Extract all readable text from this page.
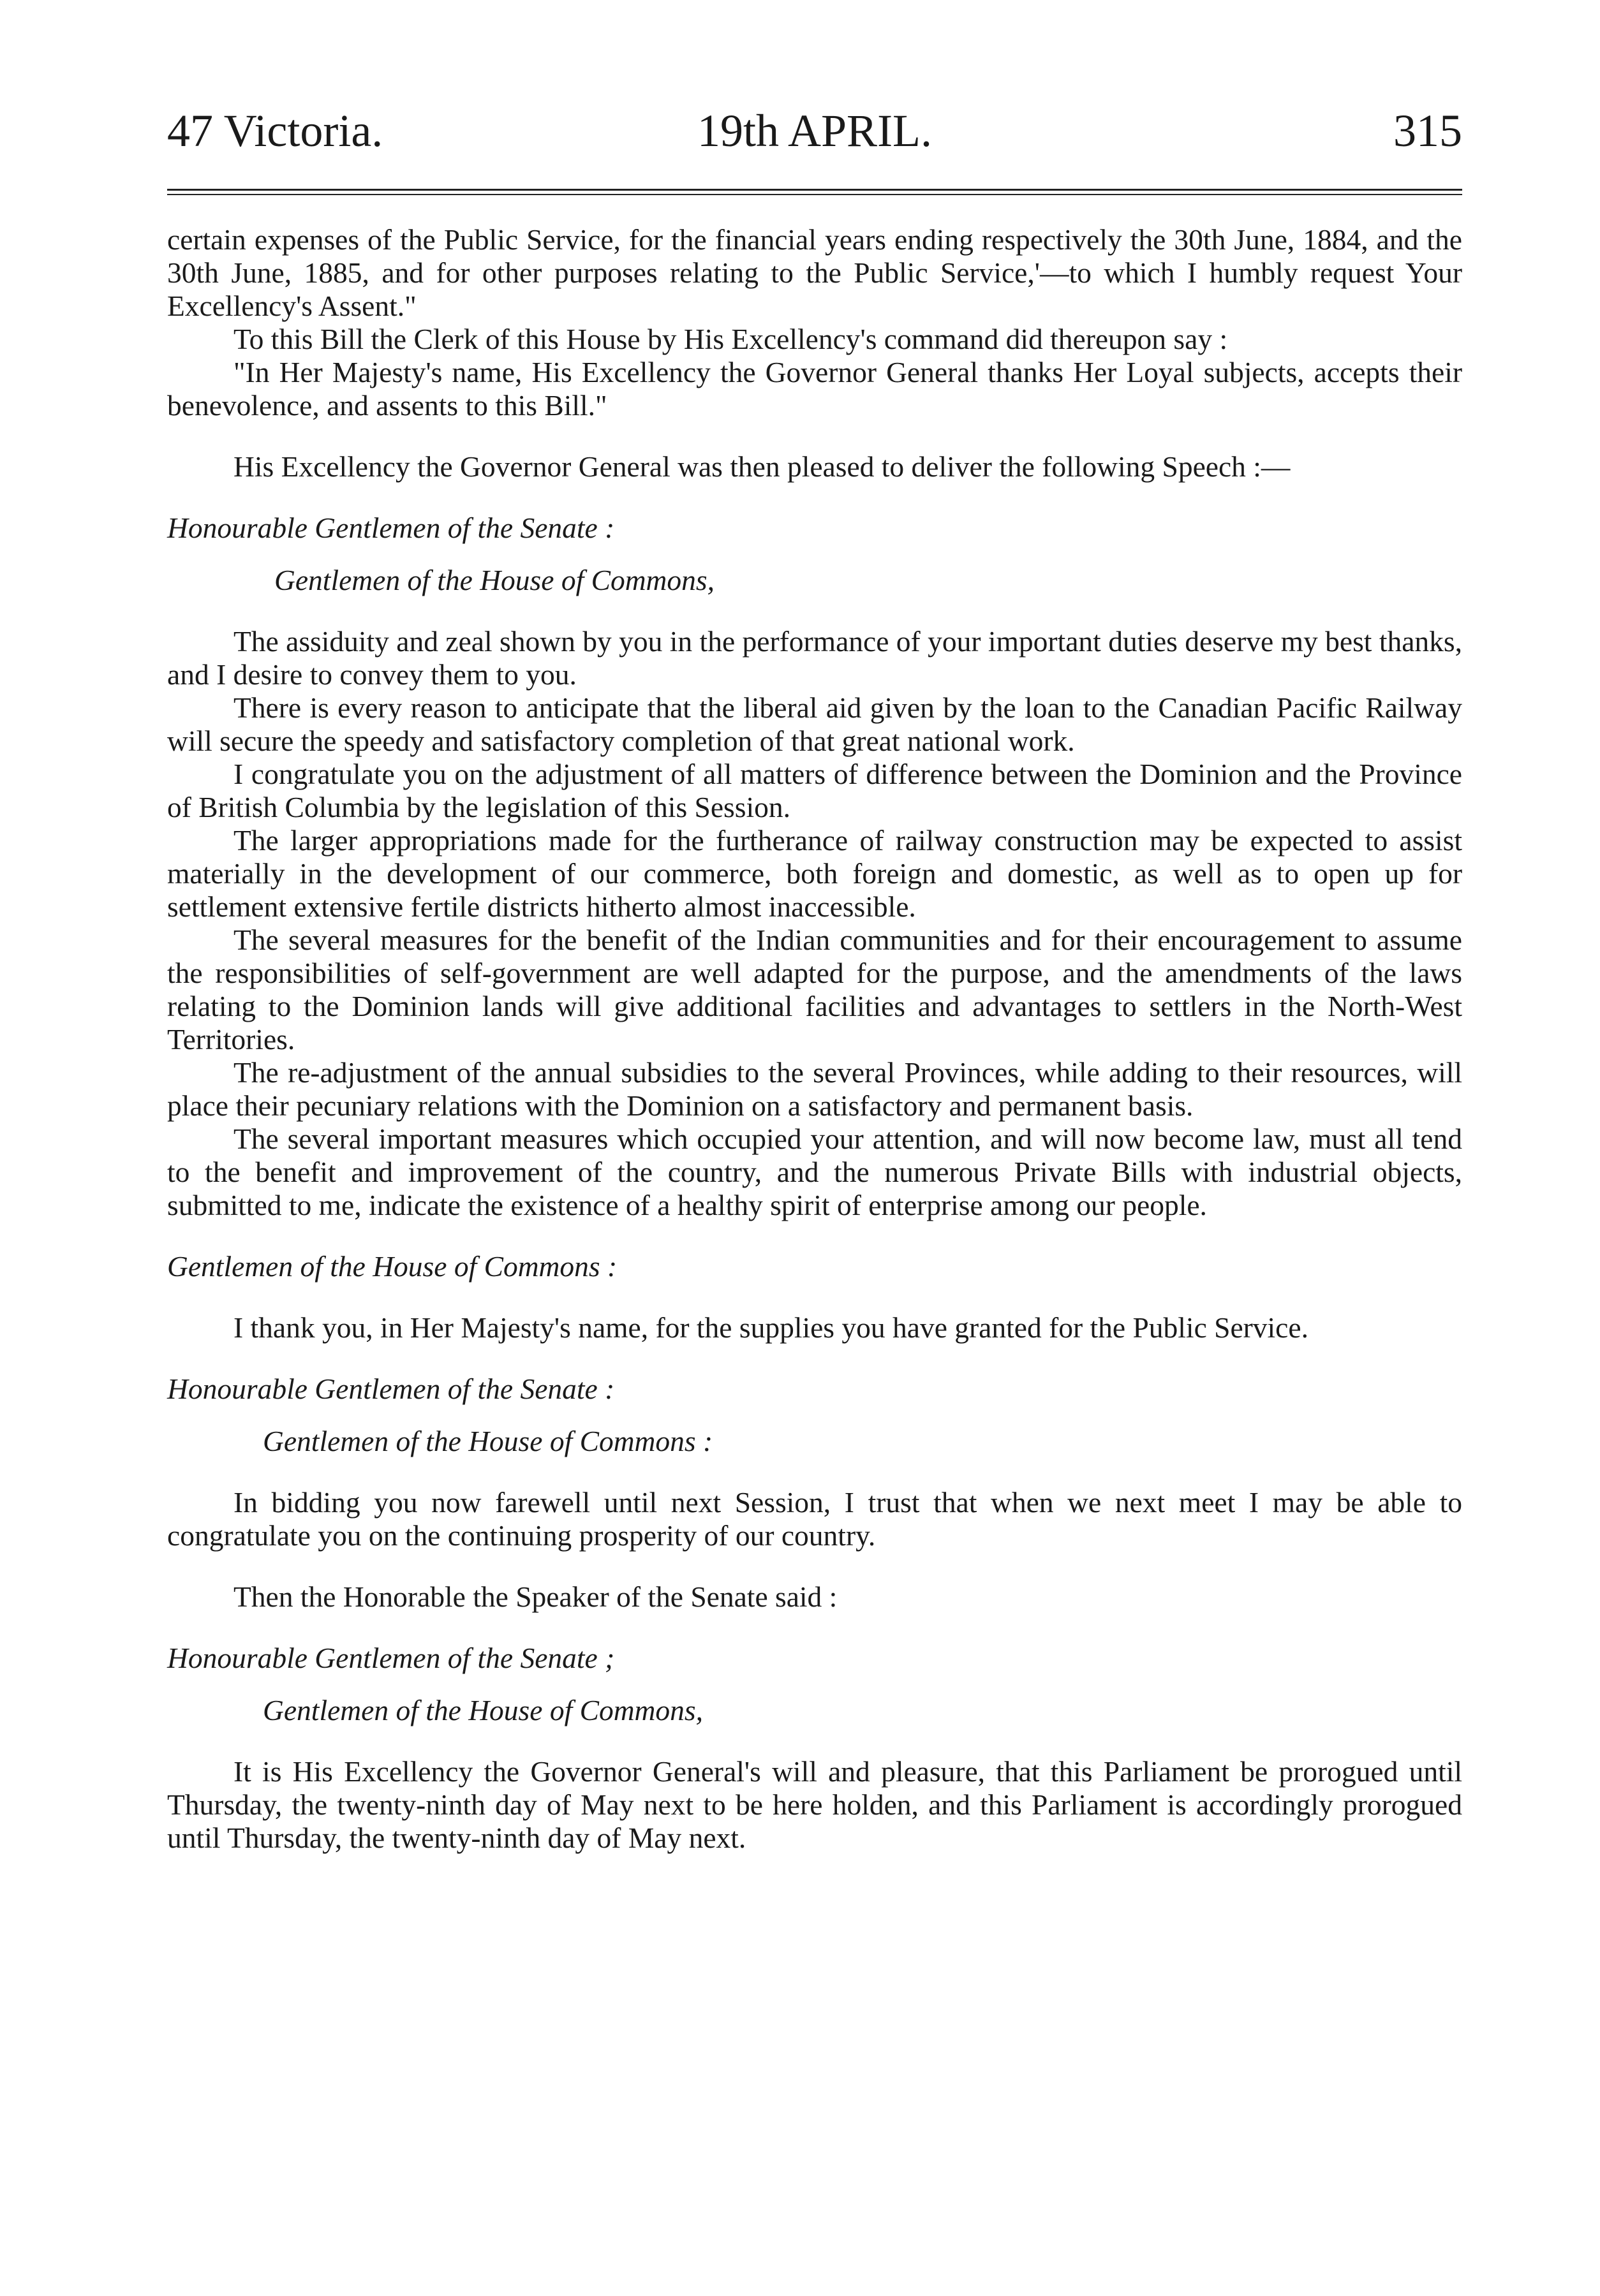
47 Victoria.	19th APRIL.	315

certain expenses of the Public Service, for the financial years ending respectively the 30th June, 1884, and the 30th June, 1885, and for other purposes relating to the Public Service,'—to which I humbly request Your Excellency's Assent."

To this Bill the Clerk of this House by His Excellency's command did thereupon say :

"In Her Majesty's name, His Excellency the Governor General thanks Her Loyal subjects, accepts their benevolence, and assents to this Bill."

His Excellency the Governor General was then pleased to deliver the following Speech :—

Honourable Gentlemen of the Senate :

Gentlemen of the House of Commons,

The assiduity and zeal shown by you in the performance of your important duties deserve my best thanks, and I desire to convey them to you.

There is every reason to anticipate that the liberal aid given by the loan to the Canadian Pacific Railway will secure the speedy and satisfactory completion of that great national work.

I congratulate you on the adjustment of all matters of difference between the Dominion and the Province of British Columbia by the legislation of this Session.

The larger appropriations made for the furtherance of railway construction may be expected to assist materially in the development of our commerce, both foreign and domestic, as well as to open up for settlement extensive fertile districts hitherto almost inaccessible.

The several measures for the benefit of the Indian communities and for their encouragement to assume the responsibilities of self-government are well adapted for the purpose, and the amendments of the laws relating to the Dominion lands will give additional facilities and advantages to settlers in the North-West Territories.

The re-adjustment of the annual subsidies to the several Provinces, while adding to their resources, will place their pecuniary relations with the Dominion on a satisfactory and permanent basis.

The several important measures which occupied your attention, and will now become law, must all tend to the benefit and improvement of the country, and the numerous Private Bills with industrial objects, submitted to me, indicate the existence of a healthy spirit of enterprise among our people.

Gentlemen of the House of Commons :

I thank you, in Her Majesty's name, for the supplies you have granted for the Public Service.

Honourable Gentlemen of the Senate :

Gentlemen of the House of Commons :

In bidding you now farewell until next Session, I trust that when we next meet I may be able to congratulate you on the continuing prosperity of our country.

Then the Honorable the Speaker of the Senate said :

Honourable Gentlemen of the Senate ;

Gentlemen of the House of Commons,

It is His Excellency the Governor General's will and pleasure, that this Parliament be prorogued until Thursday, the twenty-ninth day of May next to be here holden, and this Parliament is accordingly prorogued until Thursday, the twenty-ninth day of May next.
